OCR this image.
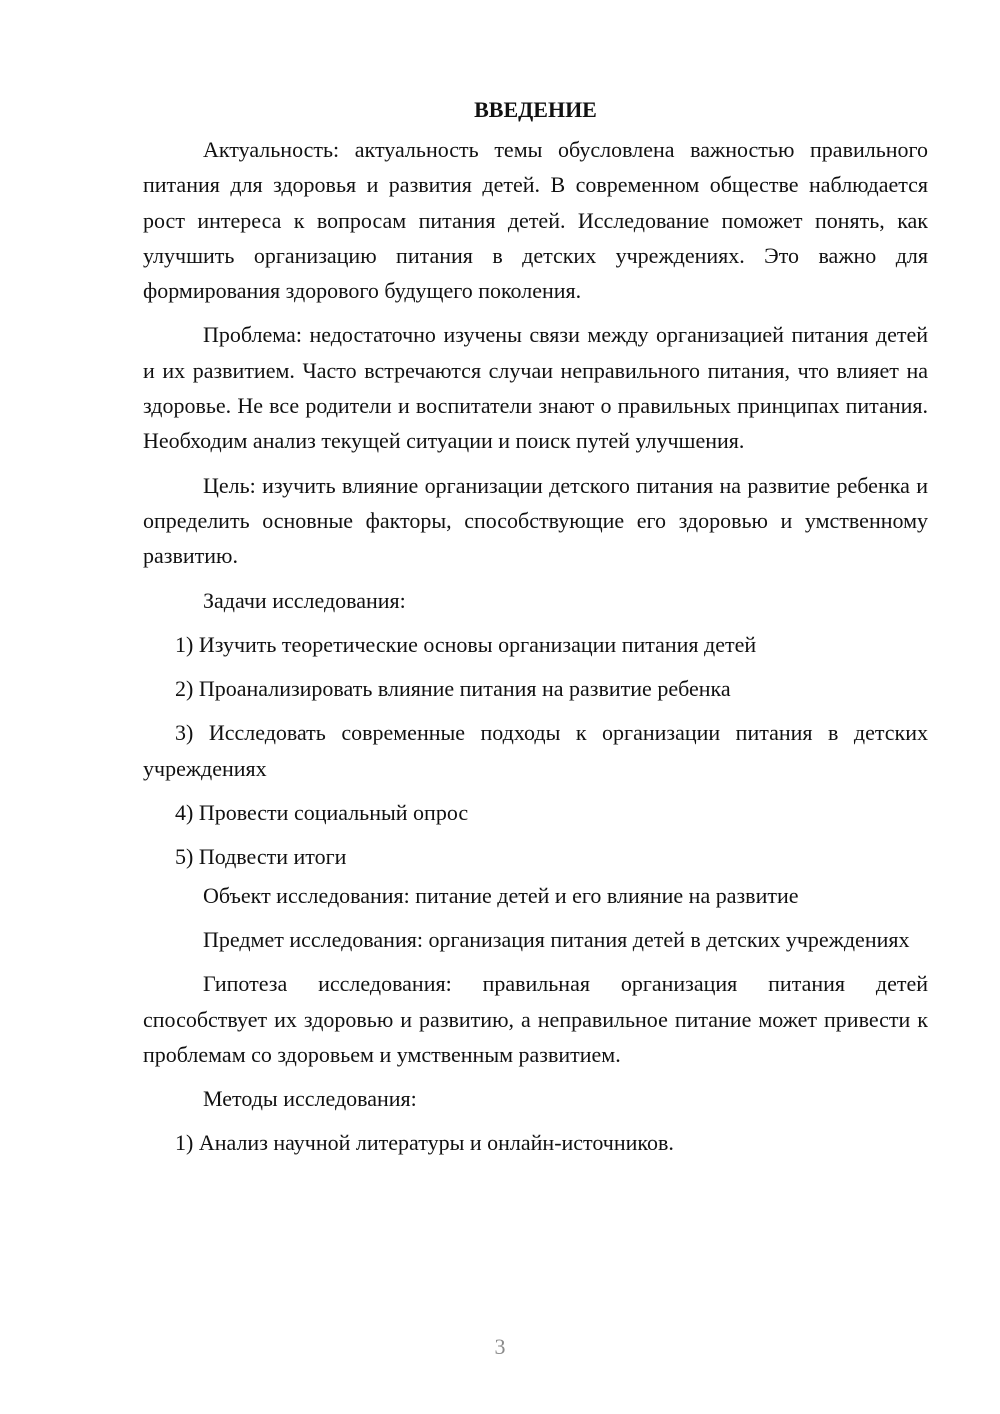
ВВЕДЕНИЕ

Актуальность: актуальность темы обусловлена важностью правильного питания для здоровья и развития детей. В современном обществе наблюдается рост интереса к вопросам питания детей. Исследование поможет понять, как улучшить организацию питания в детских учреждениях. Это важно для формирования здорового будущего поколения.

Проблема: недостаточно изучены связи между организацией питания детей и их развитием. Часто встречаются случаи неправильного питания, что влияет на здоровье. Не все родители и воспитатели знают о правильных принципах питания. Необходим анализ текущей ситуации и поиск путей улучшения.

Цель: изучить влияние организации детского питания на развитие ребенка и определить основные факторы, способствующие его здоровью и умственному развитию.

Задачи исследования:

1) Изучить теоретические основы организации питания детей

2) Проанализировать влияние питания на развитие ребенка

3) Исследовать современные подходы к организации питания в детских учреждениях

4) Провести социальный опрос

5) Подвести итоги

Объект исследования: питание детей и его влияние на развитие

Предмет исследования: организация питания детей в детских учреждениях

Гипотеза исследования: правильная организация питания детей способствует их здоровью и развитию, а неправильное питание может привести к проблемам со здоровьем и умственным развитием.

Методы исследования:

1) Анализ научной литературы и онлайн-источников.

3
